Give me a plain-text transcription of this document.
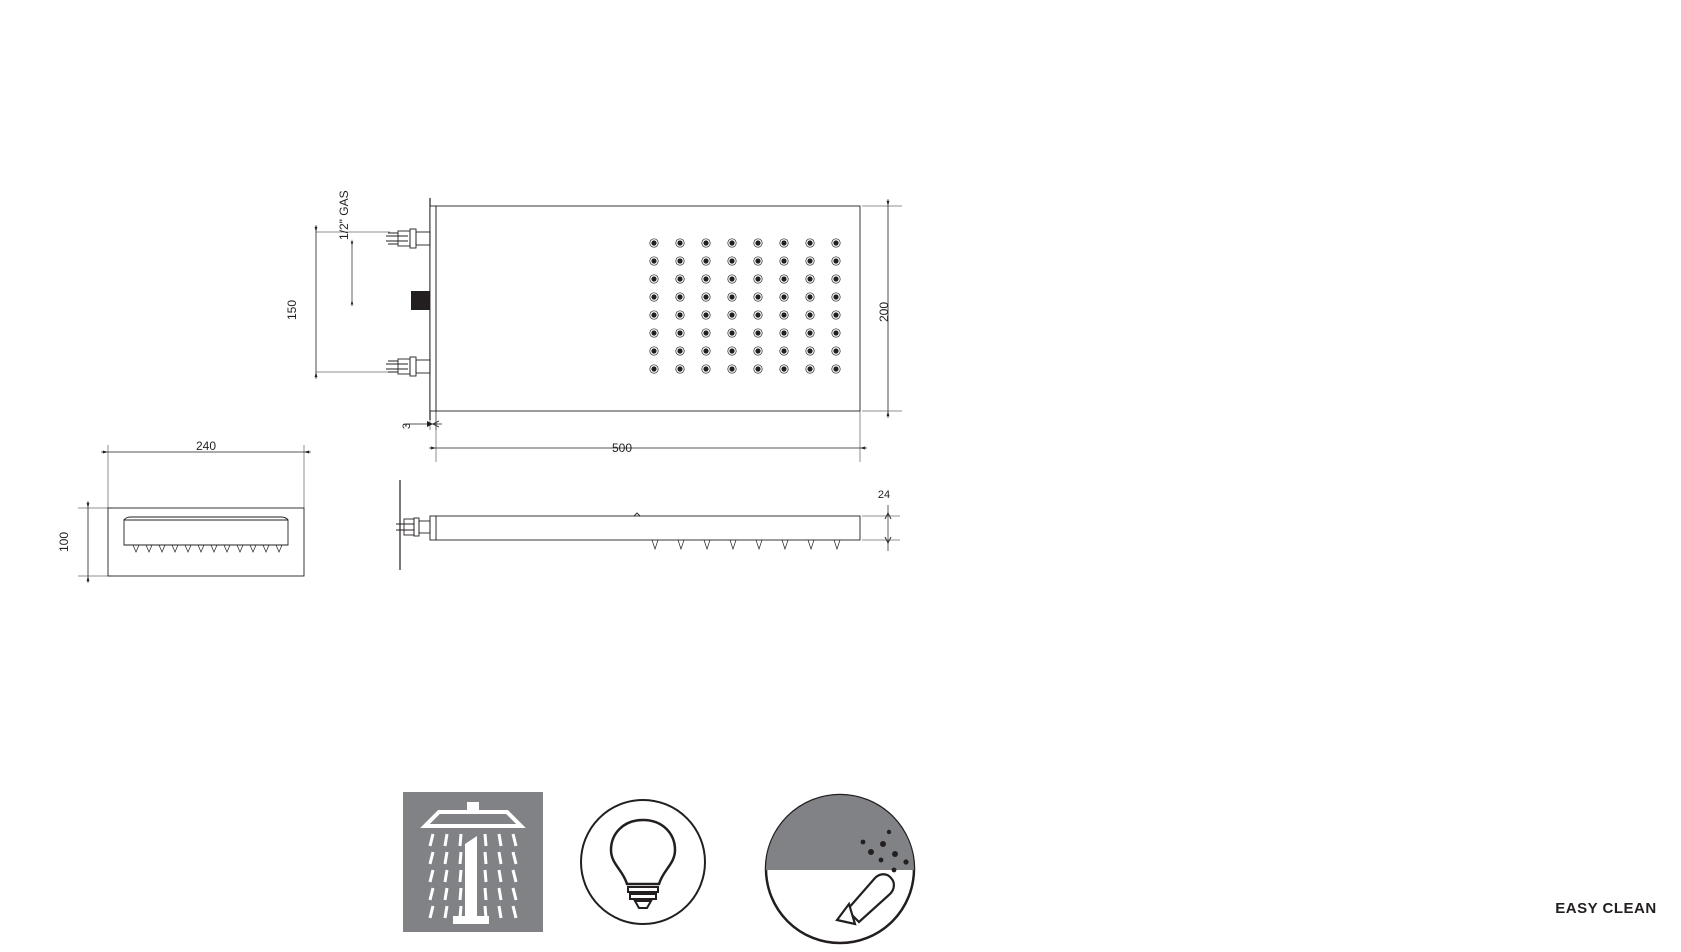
150	200
500
3
240
100
24
1/2" GAS
EASY CLEAN
